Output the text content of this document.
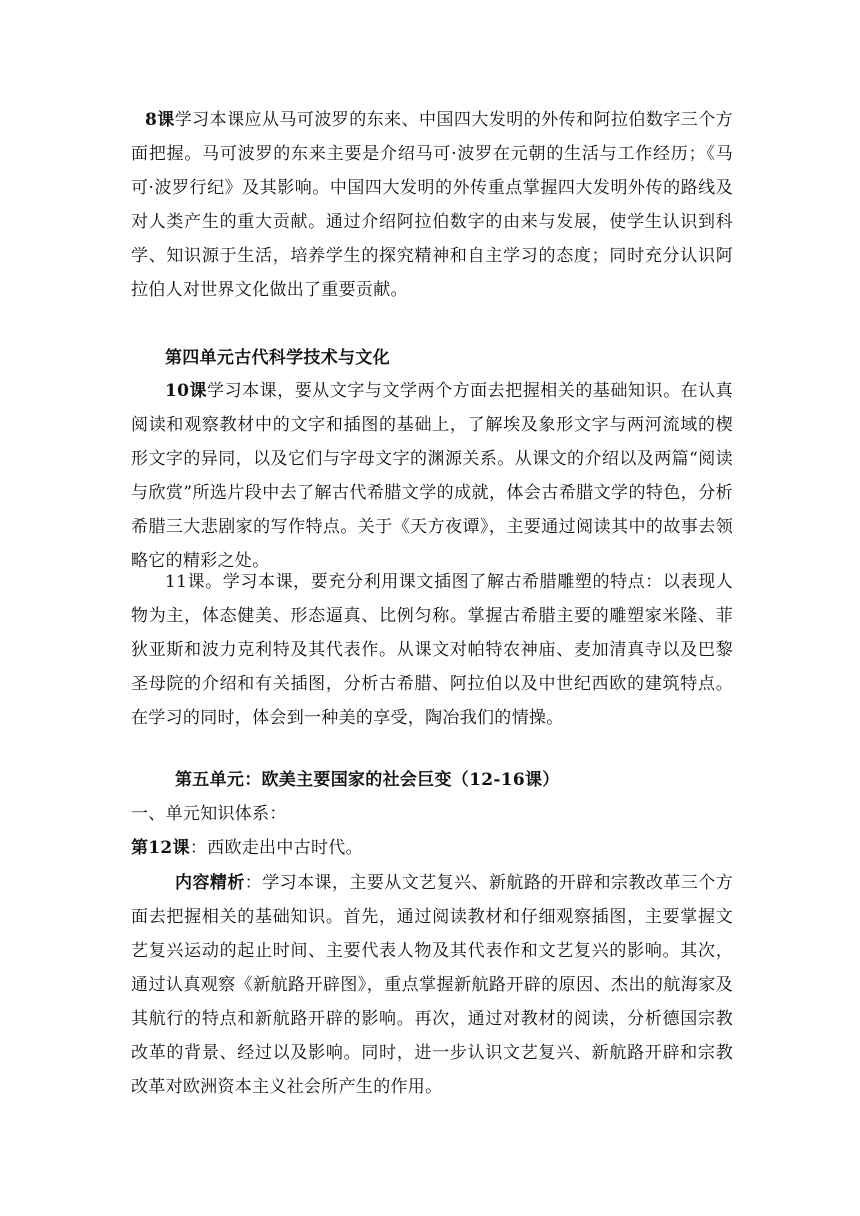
8课学习本课应从马可波罗的东来、中国四大发明的外传和阿拉伯数字三个方面把握。马可波罗的东来主要是介绍马可·波罗在元朝的生活与工作经历；《马可·波罗行纪》及其影响。中国四大发明的外传重点掌握四大发明外传的路线及对人类产生的重大贡献。通过介绍阿拉伯数字的由来与发展，使学生认识到科学、知识源于生活，培养学生的探究精神和自主学习的态度；同时充分认识阿拉伯人对世界文化做出了重要贡献。

第四单元古代科学技术与文化

10课学习本课，要从文字与文学两个方面去把握相关的基础知识。在认真阅读和观察教材中的文字和插图的基础上，了解埃及象形文字与两河流域的楔形文字的异同，以及它们与字母文字的渊源关系。从课文的介绍以及两篇“阅读与欣赏”所选片段中去了解古代希腊文学的成就，体会古希腊文学的特色，分析希腊三大悲剧家的写作特点。关于《天方夜谭》，主要通过阅读其中的故事去领略它的精彩之处。

11课。学习本课，要充分利用课文插图了解古希腊雕塑的特点：以表现人物为主，体态健美、形态逼真、比例匀称。掌握古希腊主要的雕塑家米隆、菲狄亚斯和波力克利特及其代表作。从课文对帕特农神庙、麦加清真寺以及巴黎圣母院的介绍和有关插图，分析古希腊、阿拉伯以及中世纪西欧的建筑特点。在学习的同时，体会到一种美的享受，陶冶我们的情操。

第五单元：欧美主要国家的社会巨变（12-16课）
一、单元知识体系：
第12课：西欧走出中古时代。

内容精析：学习本课，主要从文艺复兴、新航路的开辟和宗教改革三个方面去把握相关的基础知识。首先，通过阅读教材和仔细观察插图，主要掌握文艺复兴运动的起止时间、主要代表人物及其代表作和文艺复兴的影响。其次，通过认真观察《新航路开辟图》，重点掌握新航路开辟的原因、杰出的航海家及其航行的特点和新航路开辟的影响。再次，通过对教材的阅读，分析德国宗教改革的背景、经过以及影响。同时，进一步认识文艺复兴、新航路开辟和宗教改革对欧洲资本主义社会所产生的作用。
